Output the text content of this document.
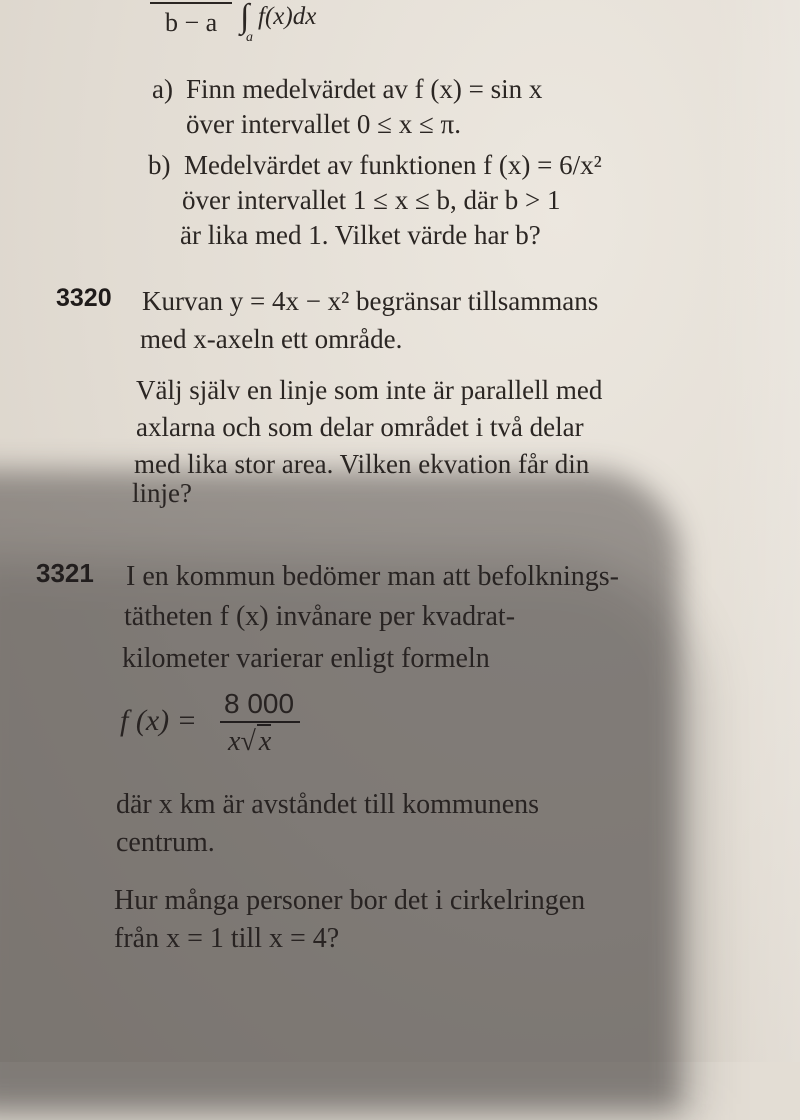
b − a ∫ f(x)dx
a
a) Finn medelvärdet av f (x) = sin x
över intervallet 0 ≤ x ≤ π.
b) Medelvärdet av funktionen f (x) = 6/x²
över intervallet 1 ≤ x ≤ b, där b > 1
är lika med 1. Vilket värde har b?
3320 Kurvan y = 4x − x² begränsar tillsammans
med x-axeln ett område.
Välj själv en linje som inte är parallell med
axlarna och som delar området i två delar
med lika stor area. Vilken ekvation får din
linje?
3321 I en kommun bedömer man att befolknings-
tätheten f (x) invånare per kvadrat-
kilometer varierar enligt formeln
f (x) =
8 000
x√ x
där x km är avståndet till kommunens
centrum.
Hur många personer bor det i cirkelringen
från x = 1 till x = 4?
